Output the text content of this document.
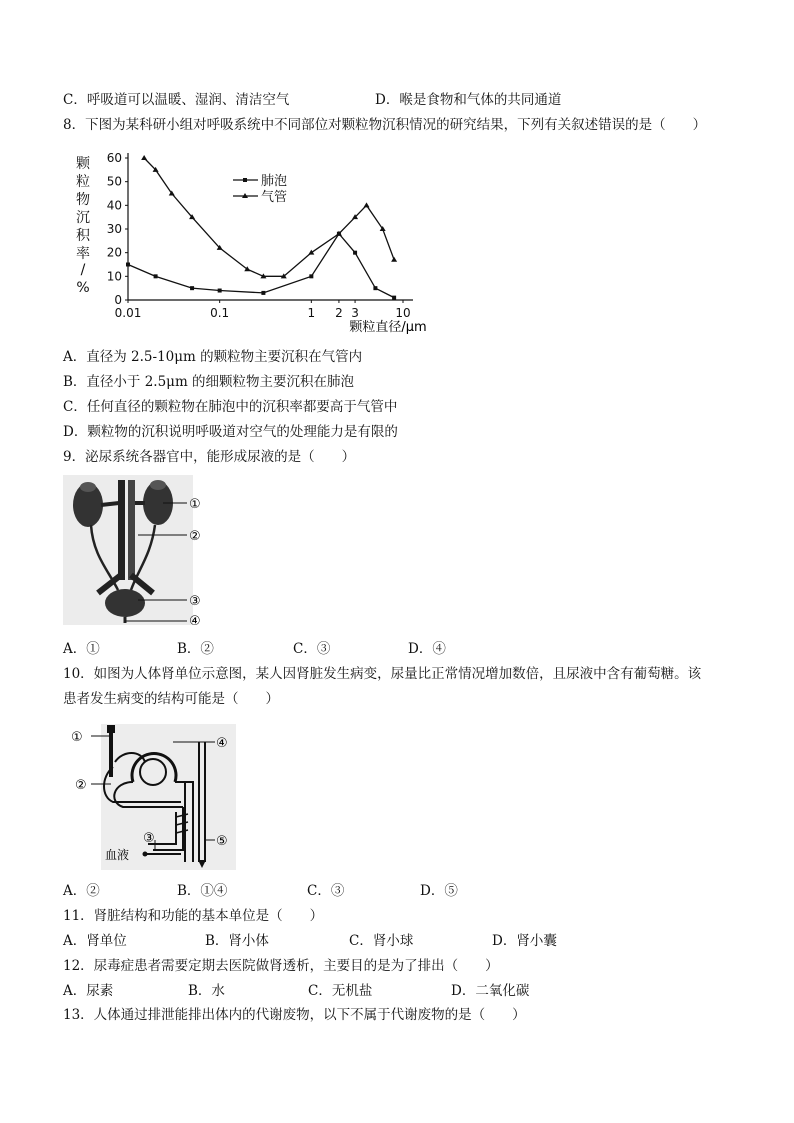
C．呼吸道可以温暖、湿润、清洁空气	D．喉是食物和气体的共同通道
8．下图为某科研小组对呼吸系统中不同部位对颗粒物沉积情况的研究结果，下列有关叙述错误的是（　　）
颗
粒
物
沉
积
率
/
%
0
10
20
30
40
50
60
0.01	0.1	1 2 3	10
肺泡
气管
颗粒直径/μm
A．直径为 2.5-10μm 的颗粒物主要沉积在气管内
B．直径小于 2.5μm 的细颗粒物主要沉积在肺泡
C．任何直径的颗粒物在肺泡中的沉积率都要高于气管中
D．颗粒物的沉积说明呼吸道对空气的处理能力是有限的
9．泌尿系统各器官中，能形成尿液的是（　　）
①
②
③
④
A．①	B．②	C．③	D．④
10．如图为人体肾单位示意图，某人因肾脏发生病变，尿量比正常情况增加数倍，且尿液中含有葡萄糖。该
患者发生病变的结构可能是（　　）
①
②
③
④
⑤
血液
A．②	B．①④	C．③	D．⑤
11．肾脏结构和功能的基本单位是（　　）
A．肾单位	B．肾小体	C．肾小球	D．肾小囊
12．尿毒症患者需要定期去医院做肾透析，主要目的是为了排出（　　）
A．尿素	B．水	C．无机盐	D．二氧化碳
13．人体通过排泄能排出体内的代谢废物，以下不属于代谢废物的是（　　）
